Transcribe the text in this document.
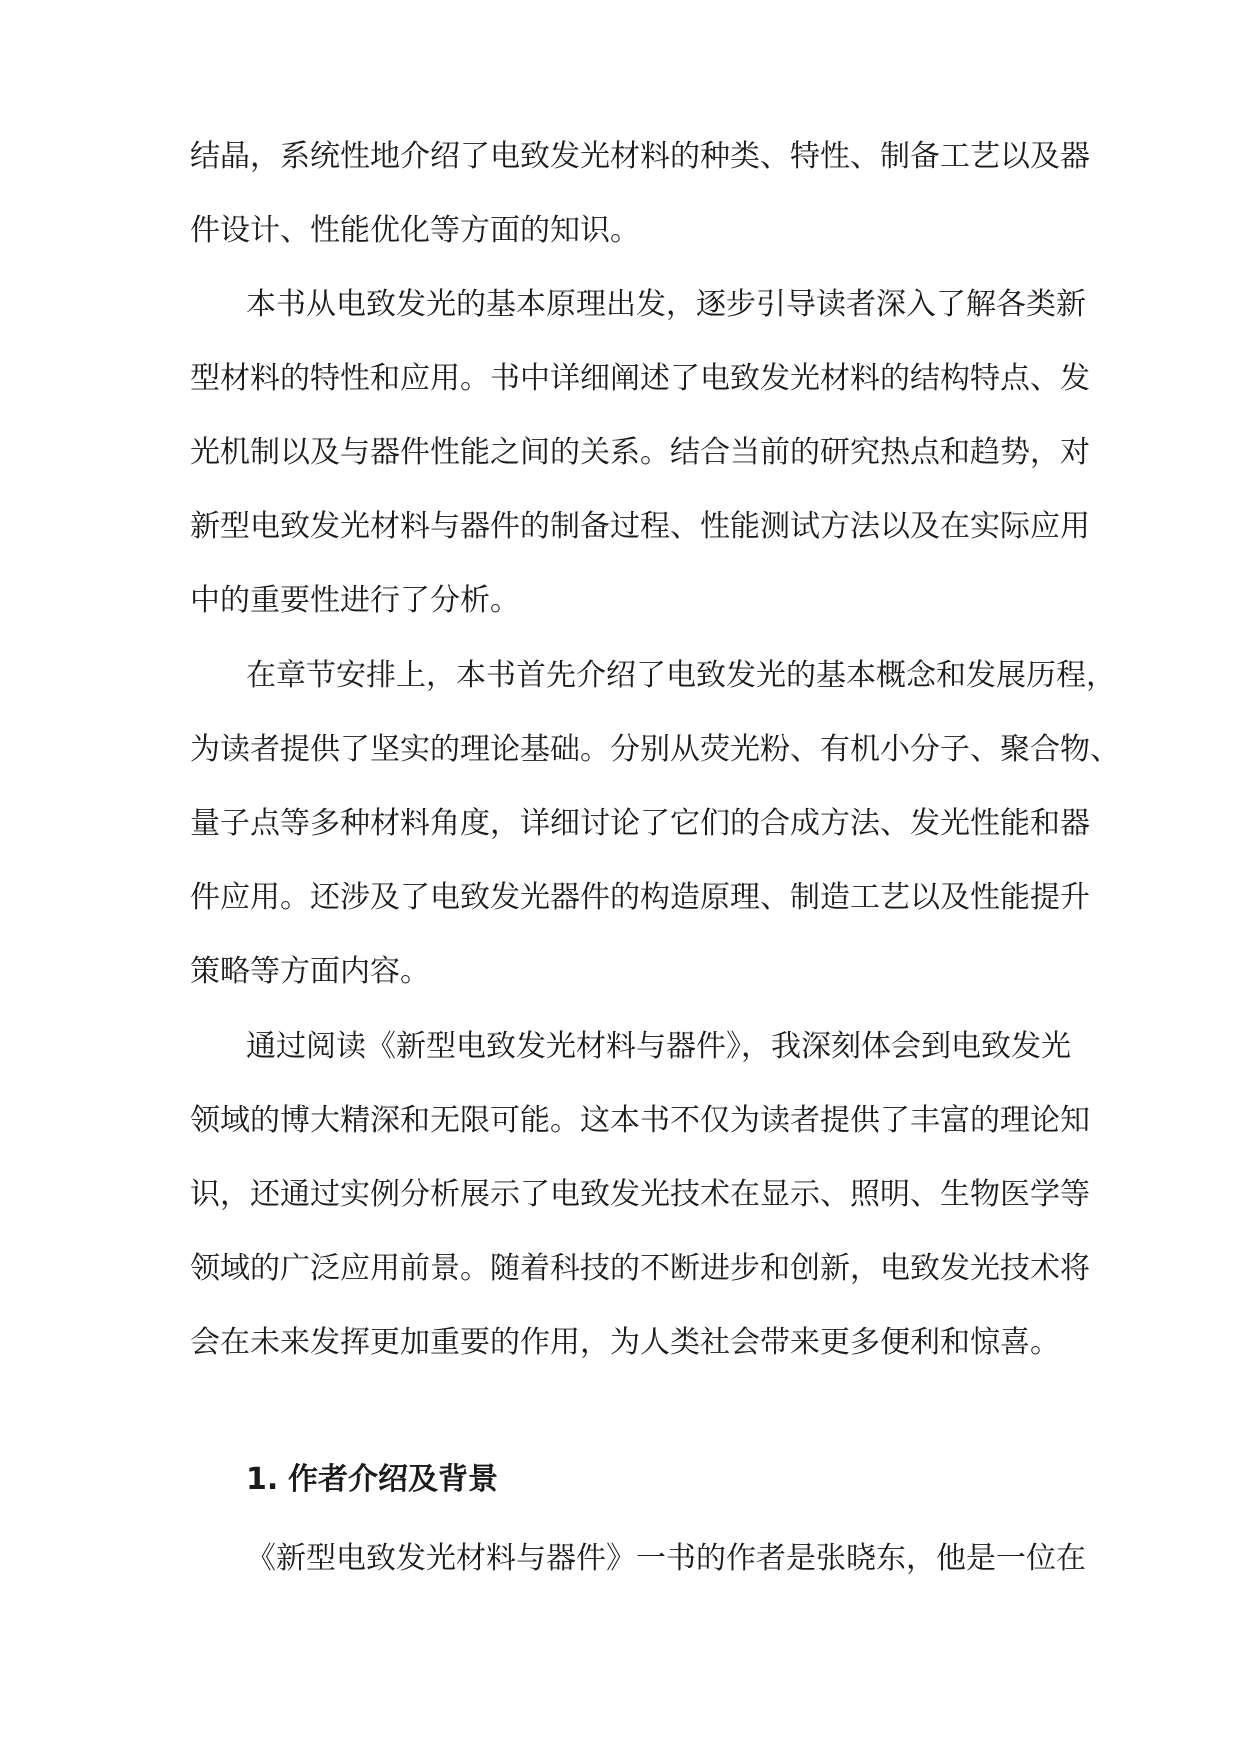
结晶，系统性地介绍了电致发光材料的种类、特性、制备工艺以及器
件设计、性能优化等方面的知识。
本书从电致发光的基本原理出发，逐步引导读者深入了解各类新
型材料的特性和应用。书中详细阐述了电致发光材料的结构特点、发
光机制以及与器件性能之间的关系。结合当前的研究热点和趋势，对
新型电致发光材料与器件的制备过程、性能测试方法以及在实际应用
中的重要性进行了分析。
在章节安排上，本书首先介绍了电致发光的基本概念和发展历程，
为读者提供了坚实的理论基础。分别从荧光粉、有机小分子、聚合物、
量子点等多种材料角度，详细讨论了它们的合成方法、发光性能和器
件应用。还涉及了电致发光器件的构造原理、制造工艺以及性能提升
策略等方面内容。
通过阅读《新型电致发光材料与器件》，我深刻体会到电致发光
领域的博大精深和无限可能。这本书不仅为读者提供了丰富的理论知
识，还通过实例分析展示了电致发光技术在显示、照明、生物医学等
领域的广泛应用前景。随着科技的不断进步和创新，电致发光技术将
会在未来发挥更加重要的作用，为人类社会带来更多便利和惊喜。
1. 作者介绍及背景
《新型电致发光材料与器件》一书的作者是张晓东，他是一位在
